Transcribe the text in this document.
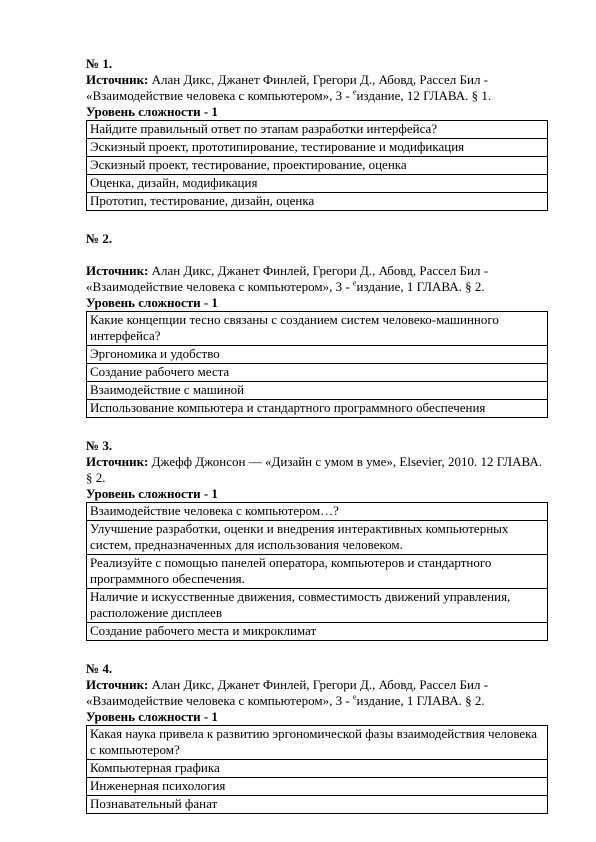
№ 1.
Источник: Алан Дикс, Джанет Финлей, Грегори Д., Абовд, Рассел Бил -
«Взаимодействие человека с компьютером», 3 - $^е$издание, 12 ГЛАВА. § 1.
Уровень сложности - 1
Найдите правильный ответ по этапам разработки интерфейса?
Эскизный проект, прототипирование, тестирование и модификация
Эскизный проект, тестирование, проектирование, оценка
Оценка, дизайн, модификация
Прототип, тестирование, дизайн, оценка
№ 2.
Источник: Алан Дикс, Джанет Финлей, Грегори Д., Абовд, Рассел Бил -
«Взаимодействие человека с компьютером», 3 - $^е$издание, 1 ГЛАВА. § 2.
Уровень сложности - 1
Какие концепции тесно связаны с созданием систем человеко-машинного интерфейса?
Эргономика и удобство
Создание рабочего места
Взаимодействие с машиной
Использование компьютера и стандартного программного обеспечения
№ 3.
Источник: Джефф Джонсон — «Дизайн с умом в уме», Elsevier, 2010. 12 ГЛАВА. § 2.
Уровень сложности - 1
Взаимодействие человека с компьютером…?
Улучшение разработки, оценки и внедрения интерактивных компьютерных систем, предназначенных для использования человеком.
Реализуйте с помощью панелей оператора, компьютеров и стандартного программного обеспечения.
Наличие и искусственные движения, совместимость движений управления, расположение дисплеев
Создание рабочего места и микроклимат
№ 4.
Источник: Алан Дикс, Джанет Финлей, Грегори Д., Абовд, Рассел Бил -
«Взаимодействие человека с компьютером», 3 - $^е$издание, 1 ГЛАВА. § 2.
Уровень сложности - 1
Какая наука привела к развитию эргономической фазы взаимодействия человека с компьютером?
Компьютерная графика
Инженерная психология
Познавательный фанат
